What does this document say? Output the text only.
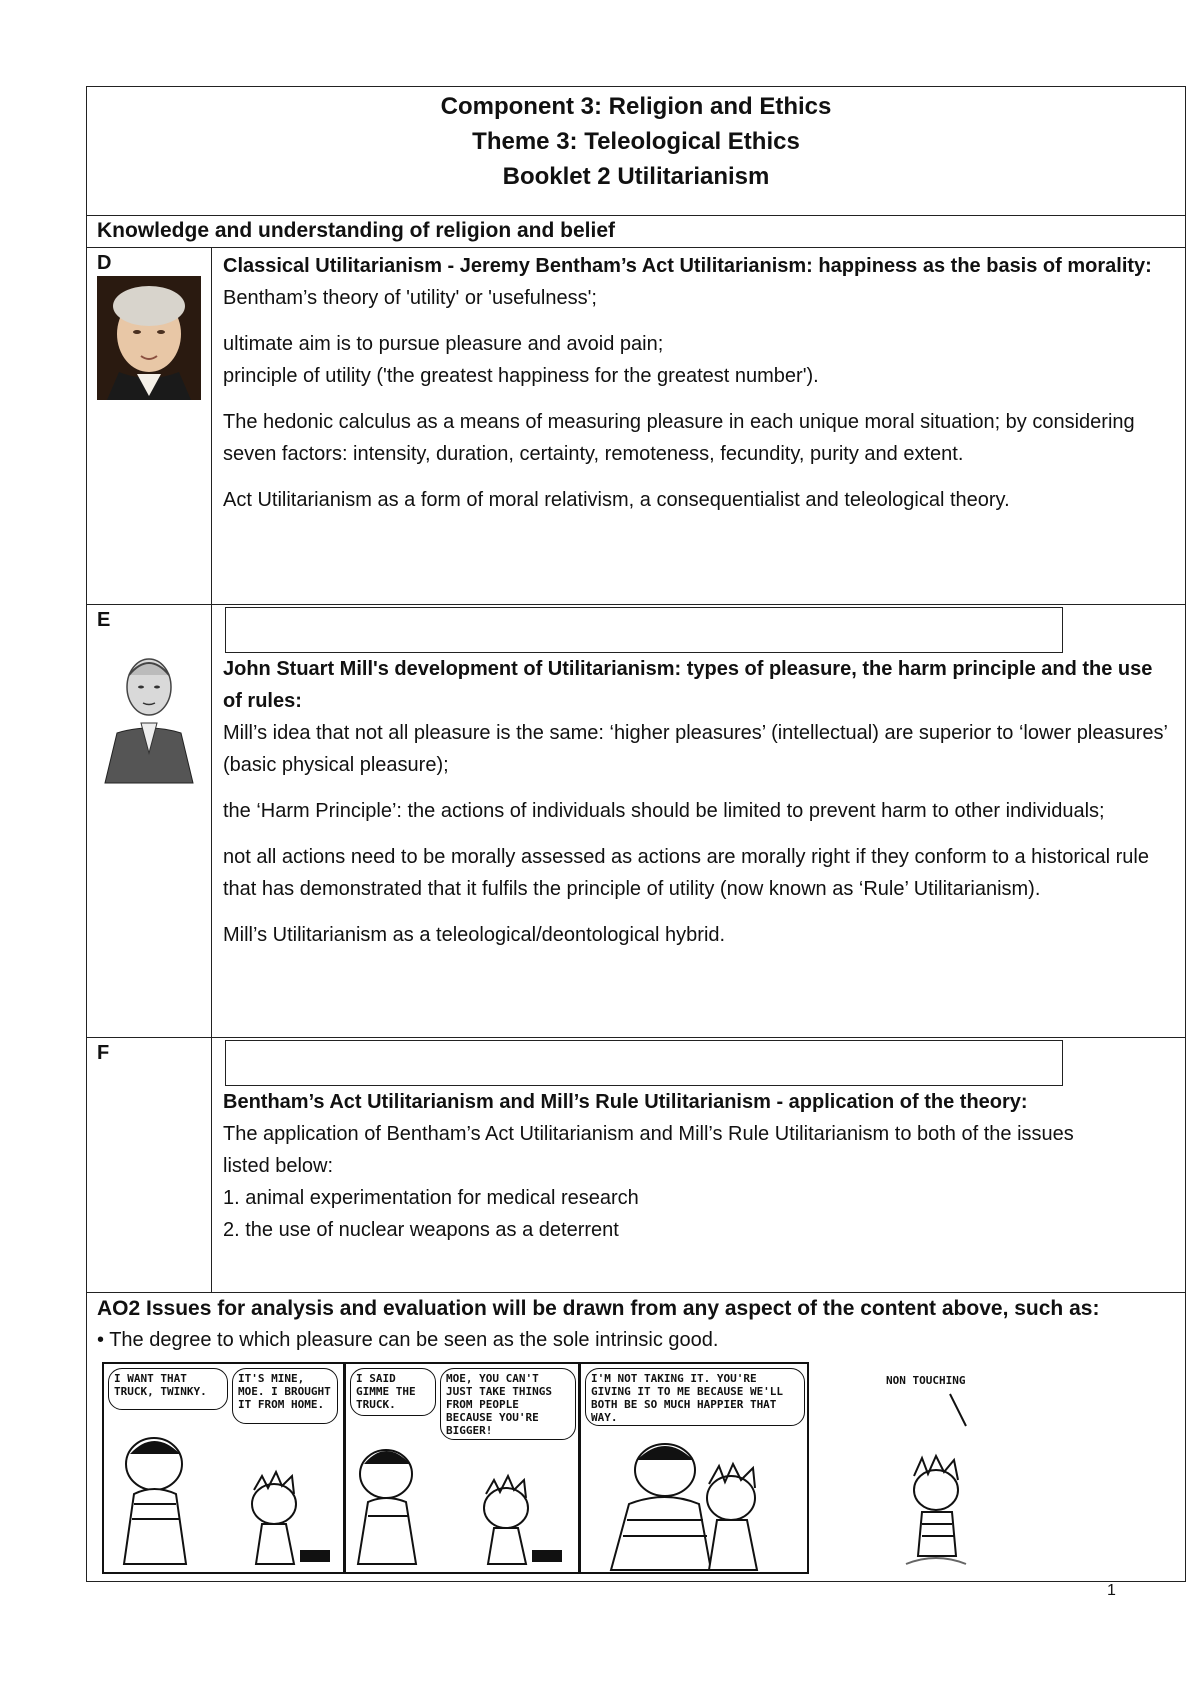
Component 3: Religion and Ethics
Theme 3: Teleological Ethics
Booklet 2 Utilitarianism
Knowledge and understanding of religion and belief
D	Classical Utilitarianism - Jeremy Bentham’s Act Utilitarianism: happiness as the basis of morality:

Bentham’s theory of 'utility' or 'usefulness';

ultimate aim is to pursue pleasure and avoid pain;

principle of utility ('the greatest happiness for the greatest number').

The hedonic calculus as a means of measuring pleasure in each unique moral situation; by considering seven factors: intensity, duration, certainty, remoteness, fecundity, purity and extent.

Act Utilitarianism as a form of moral relativism, a consequentialist and teleological theory.

E

John Stuart Mill's development of Utilitarianism: types of pleasure, the harm principle and the use of rules:

Mill’s idea that not all pleasure is the same: ‘higher pleasures’ (intellectual) are superior to ‘lower pleasures’ (basic physical pleasure);

the ‘Harm Principle’: the actions of individuals should be limited to prevent harm to other individuals;

not all actions need to be morally assessed as actions are morally right if they conform to a historical rule that has demonstrated that it fulfils the principle of utility (now known as ‘Rule’ Utilitarianism).

Mill’s Utilitarianism as a teleological/deontological hybrid.

F

Bentham’s Act Utilitarianism and Mill’s Rule Utilitarianism - application of the theory:

The application of Bentham’s Act Utilitarianism and Mill’s Rule Utilitarianism to both of the issues

listed below:

1. animal experimentation for medical research

2. the use of nuclear weapons as a deterrent

AO2 Issues for analysis and evaluation will be drawn from any aspect of the content above, such as:
• The degree to which pleasure can be seen as the sole intrinsic good.
I WANT THAT TRUCK, TWINKY.
IT'S MINE, MOE. I BROUGHT IT FROM HOME.
I SAID GIMME THE TRUCK.
MOE, YOU CAN'T JUST TAKE THINGS FROM PEOPLE BECAUSE YOU'RE BIGGER!
I'M NOT TAKING IT. YOU'RE GIVING IT TO ME BECAUSE WE'LL BOTH BE SO MUCH HAPPIER THAT WAY.
NON TOUCHING
1
